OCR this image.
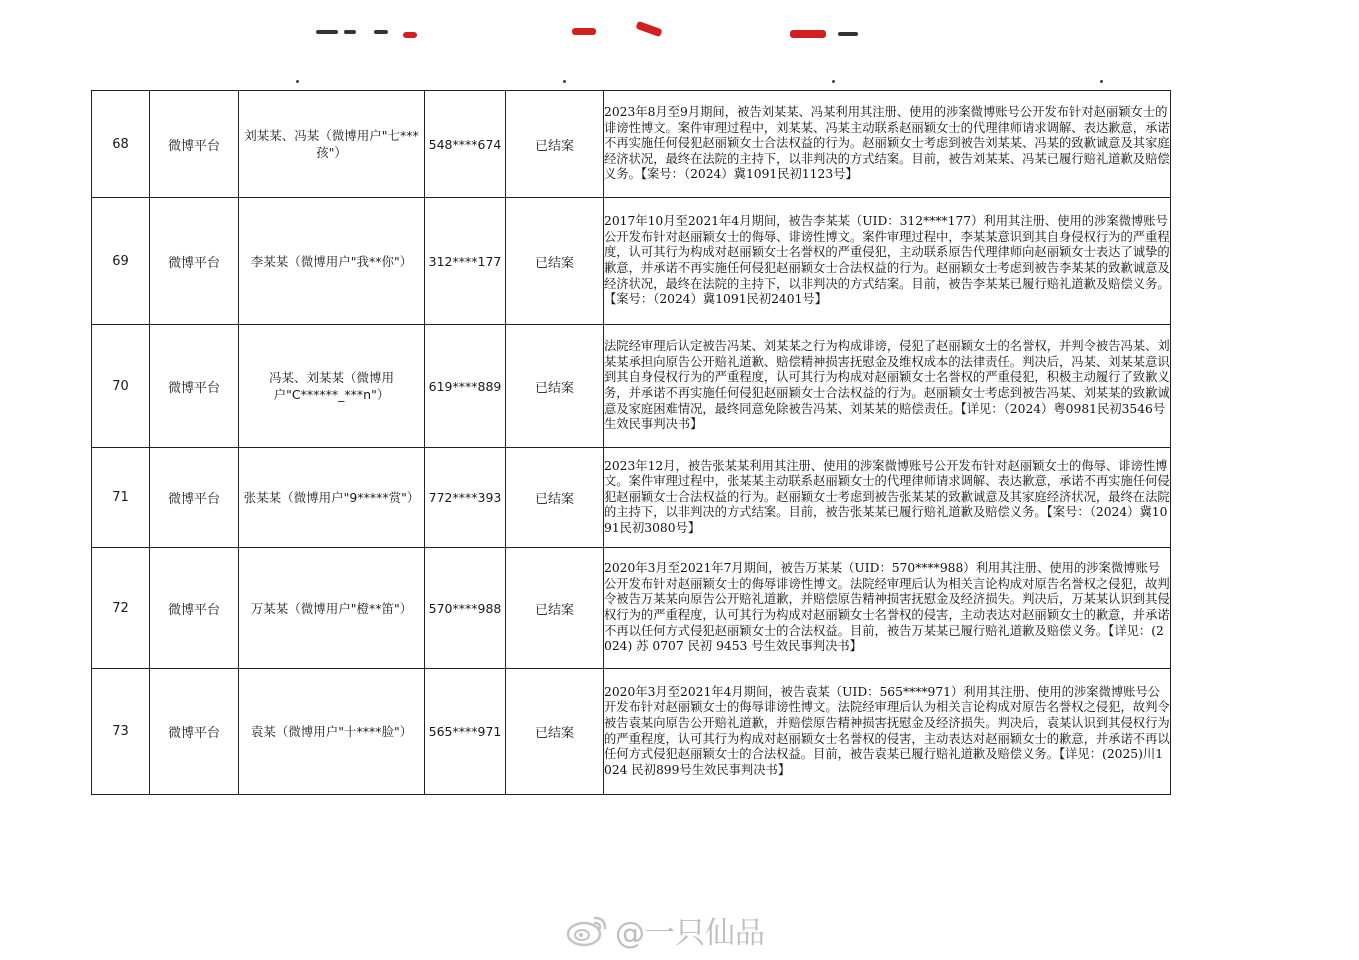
68	微博平台	刘某某、冯某（微博用户"七***孩"）	548****674	已结案	2023年8月至9月期间，被告刘某某、冯某利用其注册、使用的涉案微博账号公开发布针对赵丽颖女士的诽谤性博文。案件审理过程中，刘某某、冯某主动联系赵丽颖女士的代理律师请求调解、表达歉意，承诺不再实施任何侵犯赵丽颖女士合法权益的行为。赵丽颖女士考虑到被告刘某某、冯某的致歉诚意及其家庭经济状况，最终在法院的主持下，以非判决的方式结案。目前，被告刘某某、冯某已履行赔礼道歉及赔偿义务。【案号：（2024）冀1091民初1123号】
69	微博平台	李某某（微博用户"我**你"）	312****177	已结案	2017年10月至2021年4月期间，被告李某某（UID：312****177）利用其注册、使用的涉案微博账号公开发布针对赵丽颖女士的侮辱、诽谤性博文。案件审理过程中，李某某意识到其自身侵权行为的严重程度，认可其行为构成对赵丽颖女士名誉权的严重侵犯，主动联系原告代理律师向赵丽颖女士表达了诚挚的歉意，并承诺不再实施任何侵犯赵丽颖女士合法权益的行为。赵丽颖女士考虑到被告李某某的致歉诚意及经济状况，最终在法院的主持下，以非判决的方式结案。目前，被告李某某已履行赔礼道歉及赔偿义务。【案号：（2024）冀1091民初2401号】
70	微博平台	冯某、刘某某（微博用户"C******_***n"）	619****889	已结案	法院经审理后认定被告冯某、刘某某之行为构成诽谤，侵犯了赵丽颖女士的名誉权，并判令被告冯某、刘某某承担向原告公开赔礼道歉、赔偿精神损害抚慰金及维权成本的法律责任。判决后，冯某、刘某某意识到其自身侵权行为的严重程度，认可其行为构成对赵丽颖女士名誉权的严重侵犯，积极主动履行了致歉义务，并承诺不再实施任何侵犯赵丽颖女士合法权益的行为。赵丽颖女士考虑到被告冯某、刘某某的致歉诚意及家庭困难情况，最终同意免除被告冯某、刘某某的赔偿责任。【详见：（2024）粤0981民初3546号生效民事判决书】
71	微博平台	张某某（微博用户"9*****赏"）	772****393	已结案	2023年12月，被告张某某利用其注册、使用的涉案微博账号公开发布针对赵丽颖女士的侮辱、诽谤性博文。案件审理过程中，张某某主动联系赵丽颖女士的代理律师请求调解、表达歉意，承诺不再实施任何侵犯赵丽颖女士合法权益的行为。赵丽颖女士考虑到被告张某某的致歉诚意及其家庭经济状况，最终在法院的主持下，以非判决的方式结案。目前，被告张某某已履行赔礼道歉及赔偿义务。【案号：（2024）冀1091民初3080号】
72	微博平台	万某某（微博用户"橙**笛"）	570****988	已结案	2020年3月至2021年7月期间，被告万某某（UID：570****988）利用其注册、使用的涉案微博账号公开发布针对赵丽颖女士的侮辱诽谤性博文。法院经审理后认为相关言论构成对原告名誉权之侵犯，故判令被告万某某向原告公开赔礼道歉，并赔偿原告精神损害抚慰金及经济损失。判决后，万某某认识到其侵权行为的严重程度，认可其行为构成对赵丽颖女士名誉权的侵害，主动表达对赵丽颖女士的歉意，并承诺不再以任何方式侵犯赵丽颖女士的合法权益。目前，被告万某某已履行赔礼道歉及赔偿义务。【详见：(2024) 苏 0707 民初 9453 号生效民事判决书】
73	微博平台	袁某（微博用户"十****脸"）	565****971	已结案	2020年3月至2021年4月期间，被告袁某（UID：565****971）利用其注册、使用的涉案微博账号公开发布针对赵丽颖女士的侮辱诽谤性博文。法院经审理后认为相关言论构成对原告名誉权之侵犯，故判令被告袁某向原告公开赔礼道歉，并赔偿原告精神损害抚慰金及经济损失。判决后，袁某认识到其侵权行为的严重程度，认可其行为构成对赵丽颖女士名誉权的侵害，主动表达对赵丽颖女士的歉意，并承诺不再以任何方式侵犯赵丽颖女士的合法权益。目前，被告袁某已履行赔礼道歉及赔偿义务。【详见：(2025)川1024 民初899号生效民事判决书】
@一只仙品
